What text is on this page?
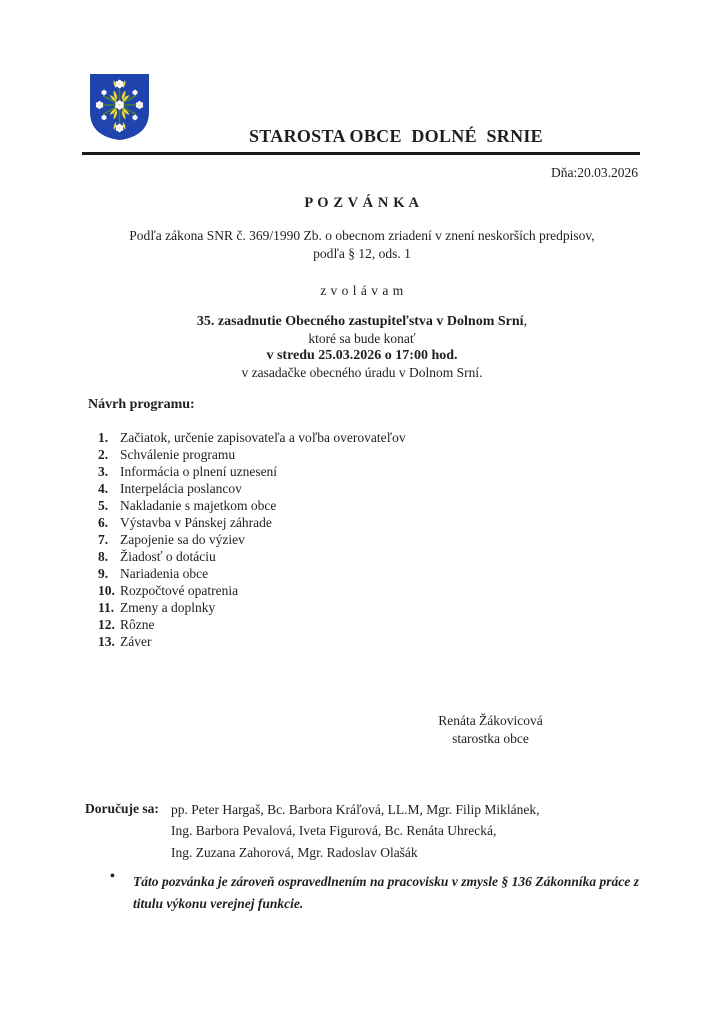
STAROSTA OBCE  DOLNÉ  SRNIE
Dňa:20.03.2026
P O Z V Á N K A
Podľa zákona SNR č. 369/1990 Zb. o obecnom zriadení v znení neskorších predpisov,
podľa § 12, ods. 1
z v o l á v a m
35. zasadnutie Obecného zastupiteľstva v Dolnom Srní,
ktoré sa bude konať
v stredu 25.03.2026 o 17:00 hod.
v zasadačke obecného úradu v Dolnom Srní.
Návrh programu:
1. Začiatok, určenie zapisovateľa a voľba overovateľov
2. Schválenie programu
3. Informácia o plnení uznesení
4. Interpelácia poslancov
5. Nakladanie s majetkom obce
6. Výstavba v Pánskej záhrade
7. Zapojenie sa do výziev
8. Žiadosť o dotáciu
9. Nariadenia obce
10. Rozpočtové opatrenia
11. Zmeny a doplnky
12. Rôzne
13. Záver
Renáta Žákovicová
starostka obce
Doručuje sa: pp. Peter Hargaš, Bc. Barbora Kráľová, LL.M, Mgr. Filip Miklánek,
Ing. Barbora Pevalová, Iveta Figurová, Bc. Renáta Uhrecká,
Ing. Zuzana Zahorová, Mgr. Radoslav Olašák
• Táto pozvánka je zároveň ospravedlnením na pracovisku v zmysle § 136 Zákonníka práce z titulu výkonu verejnej funkcie.
